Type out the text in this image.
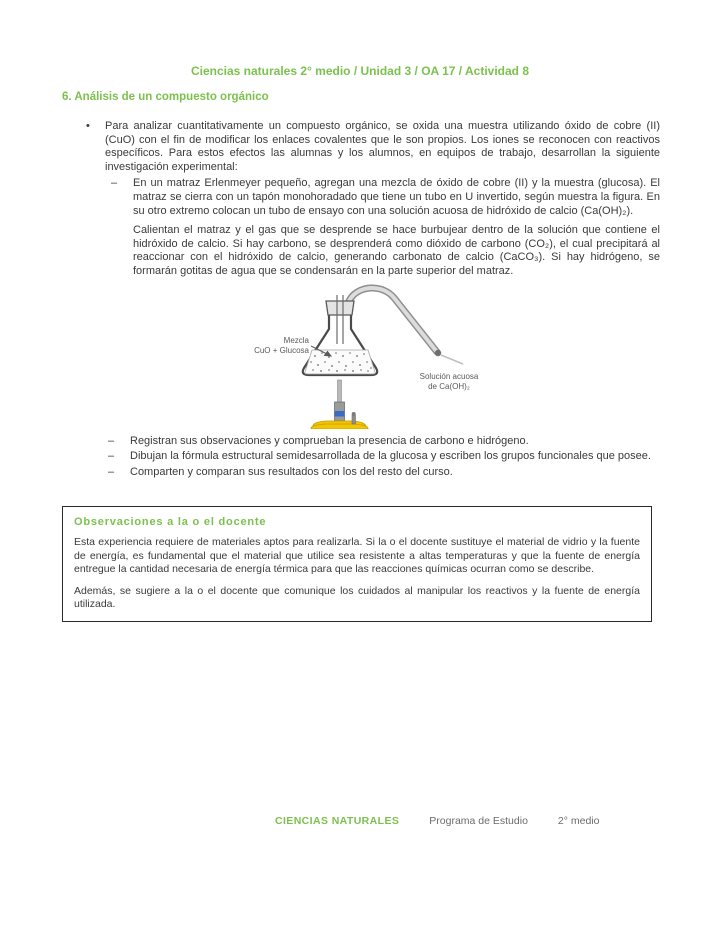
Ciencias naturales 2° medio / Unidad 3 / OA 17 / Actividad 8
6. Análisis de un compuesto orgánico
•	Para analizar cuantitativamente un compuesto orgánico, se oxida una muestra utilizando óxido de cobre (II) (CuO) con el fin de modificar los enlaces covalentes que le son propios. Los iones se reconocen con reactivos específicos. Para estos efectos las alumnas y los alumnos, en equipos de trabajo, desarrollan la siguiente investigación experimental:
–	En un matraz Erlenmeyer pequeño, agregan una mezcla de óxido de cobre (II) y la muestra (glucosa). El matraz se cierra con un tapón monohoradado que tiene un tubo en U invertido, según muestra la figura. En su otro extremo colocan un tubo de ensayo con una solución acuosa de hidróxido de calcio (Ca(OH)₂).
Calientan el matraz y el gas que se desprende se hace burbujear dentro de la solución que contiene el hidróxido de calcio. Si hay carbono, se desprenderá como dióxido de carbono (CO₂), el cual precipitará al reaccionar con el hidróxido de calcio, generando carbonato de calcio (CaCO₃). Si hay hidrógeno, se formarán gotitas de agua que se condensarán en la parte superior del matraz.
Mezcla
CuO + Glucosa
Solución acuosa
de Ca(OH)₂
–	Registran sus observaciones y comprueban la presencia de carbono e hidrógeno.
–	Dibujan la fórmula estructural semidesarrollada de la glucosa y escriben los grupos funcionales que posee.
–	Comparten y comparan sus resultados con los del resto del curso.
Observaciones a la o el docente
Esta experiencia requiere de materiales aptos para realizarla. Si la o el docente sustituye el material de vidrio y la fuente de energía, es fundamental que el material que utilice sea resistente a altas temperaturas y que la fuente de energía entregue la cantidad necesaria de energía térmica para que las reacciones químicas ocurran como se describe.
Además, se sugiere a la o el docente que comunique los cuidados al manipular los reactivos y la fuente de energía utilizada.
CIENCIAS NATURALES	Programa de Estudio	2° medio
